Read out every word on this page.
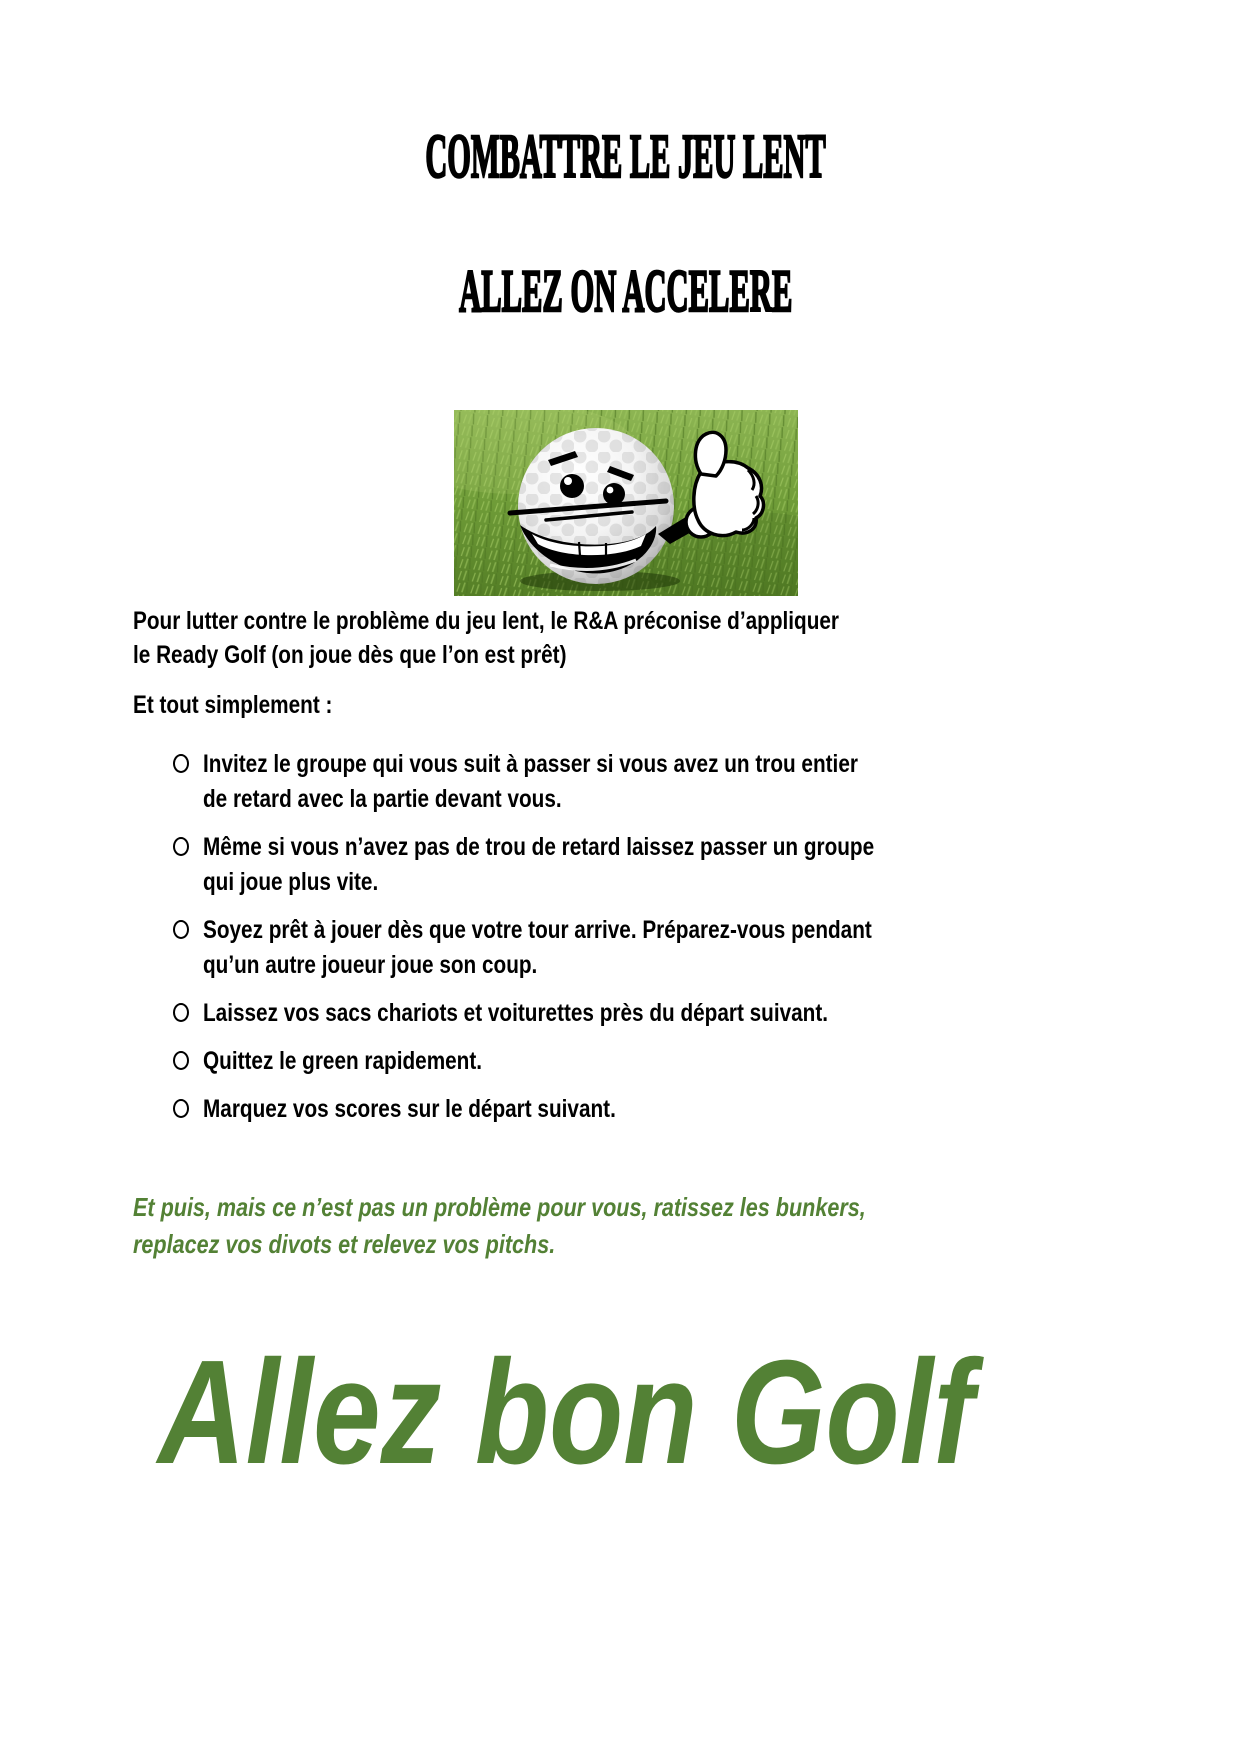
COMBATTRE LE JEU LENT
ALLEZ ON ACCELERE
Pour lutter contre le problème du jeu lent, le R&A préconise d’appliquer
le Ready Golf (on joue dès que l’on est prêt)
Et tout simplement :
Invitez le groupe qui vous suit à passer si vous avez un trou entier
de retard avec la partie devant vous.
Même si vous n’avez pas de trou de retard laissez passer un groupe
qui joue plus vite.
Soyez prêt à jouer dès que votre tour arrive. Préparez-vous pendant
qu’un autre joueur joue son coup.
Laissez vos sacs chariots et voiturettes près du départ suivant.
Quittez le green rapidement.
Marquez vos scores sur le départ suivant.
Et puis, mais ce n’est pas un problème pour vous, ratissez les bunkers,
replacez vos divots et relevez vos pitchs.
Allez bon Golf
